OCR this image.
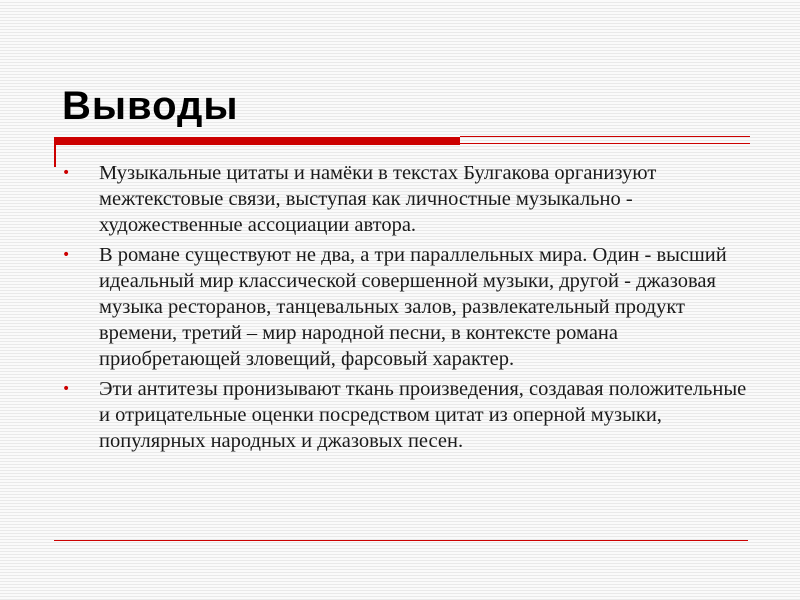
Выводы
• Музыкальные цитаты и намёки в текстах Булгакова организуют межтекстовые связи, выступая как личностные музыкально - художественные ассоциации автора.
• В романе существуют не два, а три параллельных мира. Один - высший идеальный мир классической совершенной музыки, другой - джазовая музыка ресторанов, танцевальных залов, развлекательный продукт времени, третий – мир народной песни, в контексте романа приобретающей зловещий, фарсовый характер.
• Эти антитезы пронизывают ткань произведения, создавая положительные и отрицательные оценки посредством цитат из оперной музыки, популярных народных и джазовых песен.
